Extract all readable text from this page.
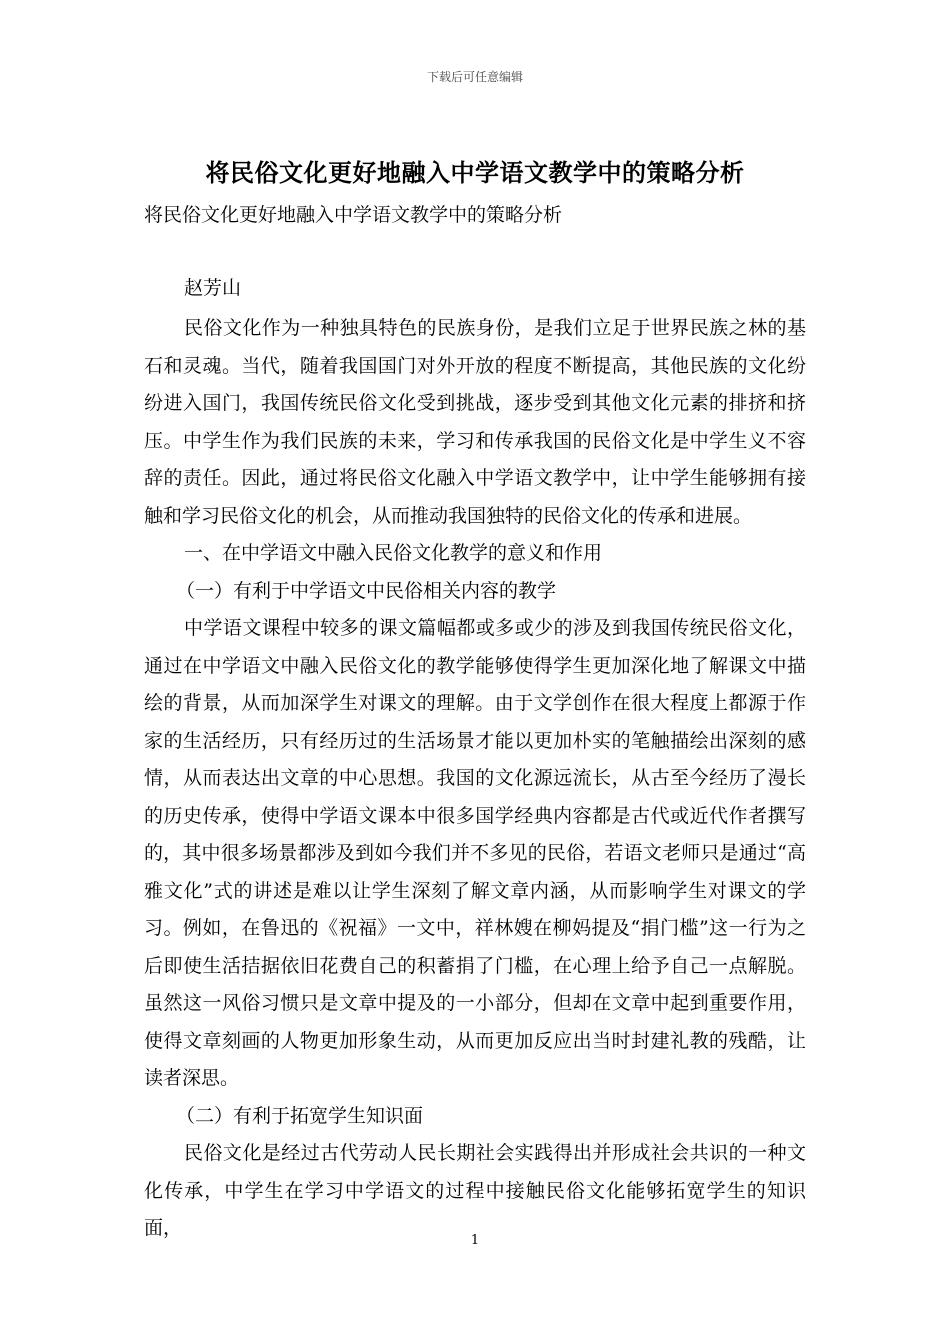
下载后可任意编辑
将民俗文化更好地融入中学语文教学中的策略分析
将民俗文化更好地融入中学语文教学中的策略分析
赵芳山

民俗文化作为一种独具特色的民族身份，是我们立足于世界民族之林的基石和灵魂。当代，随着我国国门对外开放的程度不断提高，其他民族的文化纷纷进入国门，我国传统民俗文化受到挑战，逐步受到其他文化元素的排挤和挤压。中学生作为我们民族的未来，学习和传承我国的民俗文化是中学生义不容辞的责任。因此，通过将民俗文化融入中学语文教学中，让中学生能够拥有接触和学习民俗文化的机会，从而推动我国独特的民俗文化的传承和进展。

一、在中学语文中融入民俗文化教学的意义和作用

（一）有利于中学语文中民俗相关内容的教学

中学语文课程中较多的课文篇幅都或多或少的涉及到我国传统民俗文化，通过在中学语文中融入民俗文化的教学能够使得学生更加深化地了解课文中描绘的背景，从而加深学生对课文的理解。由于文学创作在很大程度上都源于作家的生活经历，只有经历过的生活场景才能以更加朴实的笔触描绘出深刻的感情，从而表达出文章的中心思想。我国的文化源远流长，从古至今经历了漫长的历史传承，使得中学语文课本中很多国学经典内容都是古代或近代作者撰写的，其中很多场景都涉及到如今我们并不多见的民俗，若语文老师只是通过“高雅文化”式的讲述是难以让学生深刻了解文章内涵，从而影响学生对课文的学习。例如，在鲁迅的《祝福》一文中，祥林嫂在柳妈提及“捐门槛”这一行为之后即使生活拮据依旧花费自己的积蓄捐了门槛，在心理上给予自己一点解脱。虽然这一风俗习惯只是文章中提及的一小部分，但却在文章中起到重要作用，使得文章刻画的人物更加形象生动，从而更加反应出当时封建礼教的残酷，让读者深思。

（二）有利于拓宽学生知识面

民俗文化是经过古代劳动人民长期社会实践得出并形成社会共识的一种文化传承，中学生在学习中学语文的过程中接触民俗文化能够拓宽学生的知识面，

1
